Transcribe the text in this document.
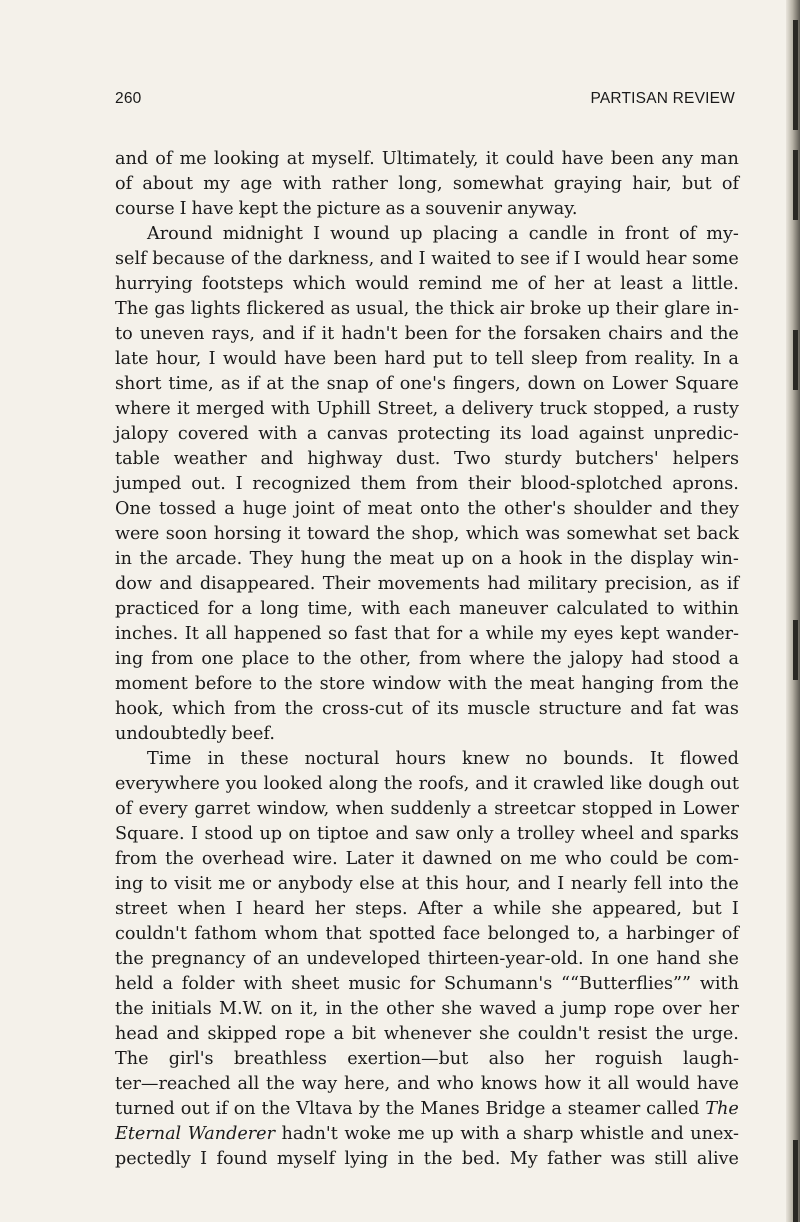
260	PARTISAN REVIEW
and of me looking at myself. Ultimately, it could have been any man
of about my age with rather long, somewhat graying hair, but of
course I have kept the picture as a souvenir anyway.
Around midnight I wound up placing a candle in front of my-
self because of the darkness, and I waited to see if I would hear some
hurrying footsteps which would remind me of her at least a little.
The gas lights flickered as usual, the thick air broke up their glare in-
to uneven rays, and if it hadn't been for the forsaken chairs and the
late hour, I would have been hard put to tell sleep from reality. In a
short time, as if at the snap of one's fingers, down on Lower Square
where it merged with Uphill Street, a delivery truck stopped, a rusty
jalopy covered with a canvas protecting its load against unpredic-
table weather and highway dust. Two sturdy butchers' helpers
jumped out. I recognized them from their blood-splotched aprons.
One tossed a huge joint of meat onto the other's shoulder and they
were soon horsing it toward the shop, which was somewhat set back
in the arcade. They hung the meat up on a hook in the display win-
dow and disappeared. Their movements had military precision, as if
practiced for a long time, with each maneuver calculated to within
inches. It all happened so fast that for a while my eyes kept wander-
ing from one place to the other, from where the jalopy had stood a
moment before to the store window with the meat hanging from the
hook, which from the cross-cut of its muscle structure and fat was
undoubtedly beef.
Time in these noctural hours knew no bounds. It flowed
everywhere you looked along the roofs, and it crawled like dough out
of every garret window, when suddenly a streetcar stopped in Lower
Square. I stood up on tiptoe and saw only a trolley wheel and sparks
from the overhead wire. Later it dawned on me who could be com-
ing to visit me or anybody else at this hour, and I nearly fell into the
street when I heard her steps. After a while she appeared, but I
couldn't fathom whom that spotted face belonged to, a harbinger of
the pregnancy of an undeveloped thirteen-year-old. In one hand she
held a folder with sheet music for Schumann's ““Butterflies”” with
the initials M.W. on it, in the other she waved a jump rope over her
head and skipped rope a bit whenever she couldn't resist the urge.
The girl's breathless exertion—but also her roguish laugh-
ter—reached all the way here, and who knows how it all would have
turned out if on the Vltava by the Manes Bridge a steamer called The
Eternal Wanderer hadn't woke me up with a sharp whistle and unex-
pectedly I found myself lying in the bed. My father was still alive
